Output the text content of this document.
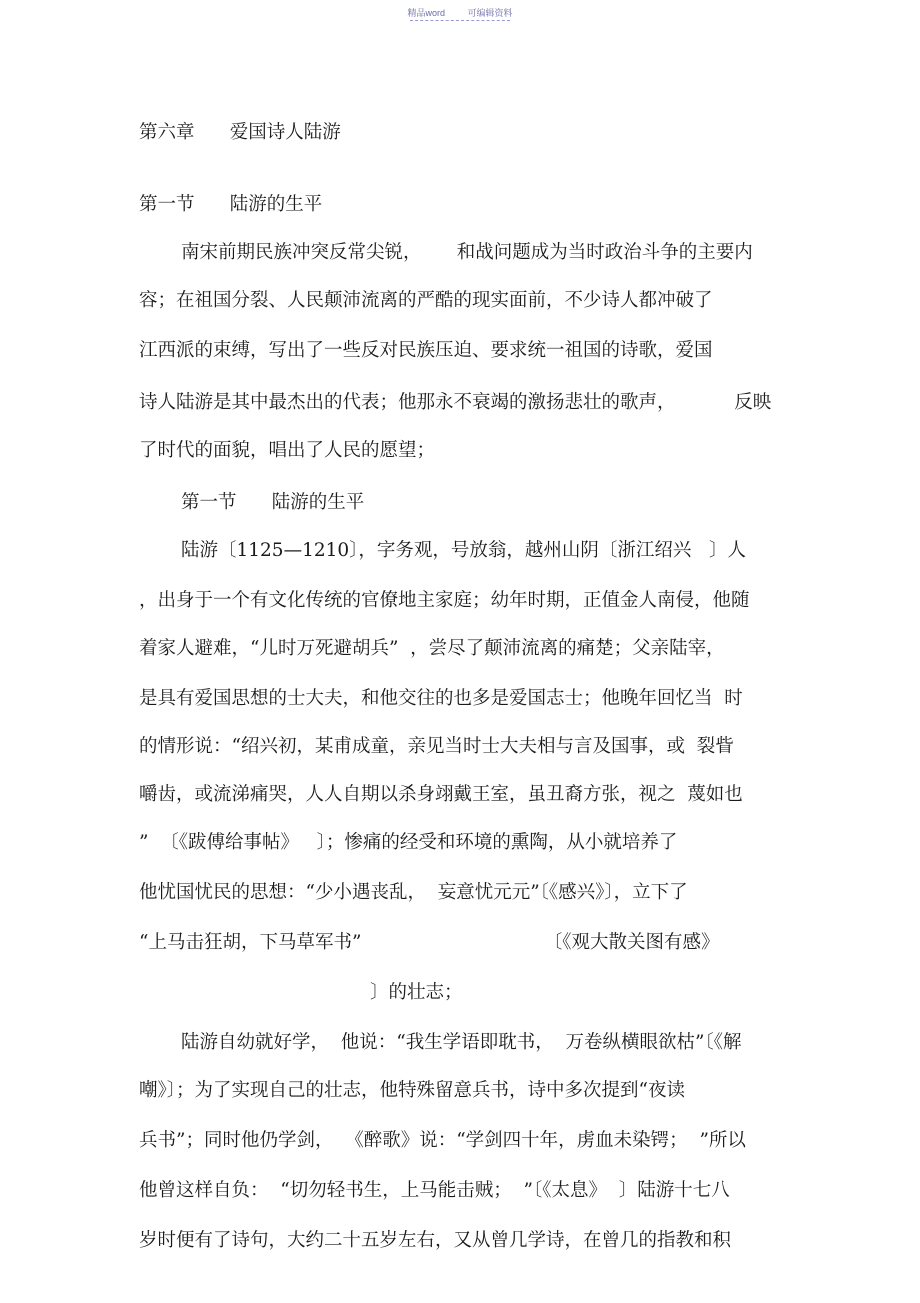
精品word	可编辑资料
第六章      爱国诗人陆游
第一节      陆游的生平
南宋前期民族冲突反常尖锐，      和战问题成为当时政治斗争的主要内
容；在祖国分裂、人民颠沛流离的严酷的现实面前，不少诗人都冲破了
江西派的束缚，写出了一些反对民族压迫、要求统一祖国的诗歌，爱国
诗人陆游是其中最杰出的代表；他那永不衰竭的激扬悲壮的歌声，          反映
了时代的面貌，唱出了人民的愿望；
第一节      陆游的生平
陆游〔1125—1210〕，字务观，号放翁，越州山阴〔浙江绍兴   〕人
，出身于一个有文化传统的官僚地主家庭；幼年时期，正值金人南侵，他随
着家人避难，“儿时万死避胡兵”  ，尝尽了颠沛流离的痛楚；父亲陆宰，
是具有爱国思想的士大夫，和他交往的也多是爱国志士；他晚年回忆当  时
的情形说：“绍兴初，某甫成童，亲见当时士大夫相与言及国事，或  裂眥
嚼齿，或流涕痛哭，人人自期以杀身翊戴王室，虽丑裔方张，视之  蔑如也
”  〔《跋傅给事帖》   〕；惨痛的经受和环境的熏陶，从小就培养了
他忧国忧民的思想：“少小遇丧乱，  妄意忧元元”〔《感兴》〕，立下了
“上马击狂胡，下马草军书”                               〔《观大散关图有感》
〕的壮志；
陆游自幼就好学，  他说：“我生学语即耽书，  万卷纵横眼欲枯”〔《解
嘲》〕；为了实现自己的壮志，他特殊留意兵书，诗中多次提到“夜读
兵书”；同时他仍学剑，  《醉歌》说：“学剑四十年，虏血未染锷；  ”所以
他曾这样自负：  “切勿轻书生，上马能击贼；  ”〔《太息》  〕陆游十七八
岁时便有了诗句，大约二十五岁左右，又从曾几学诗，在曾几的指教和积
